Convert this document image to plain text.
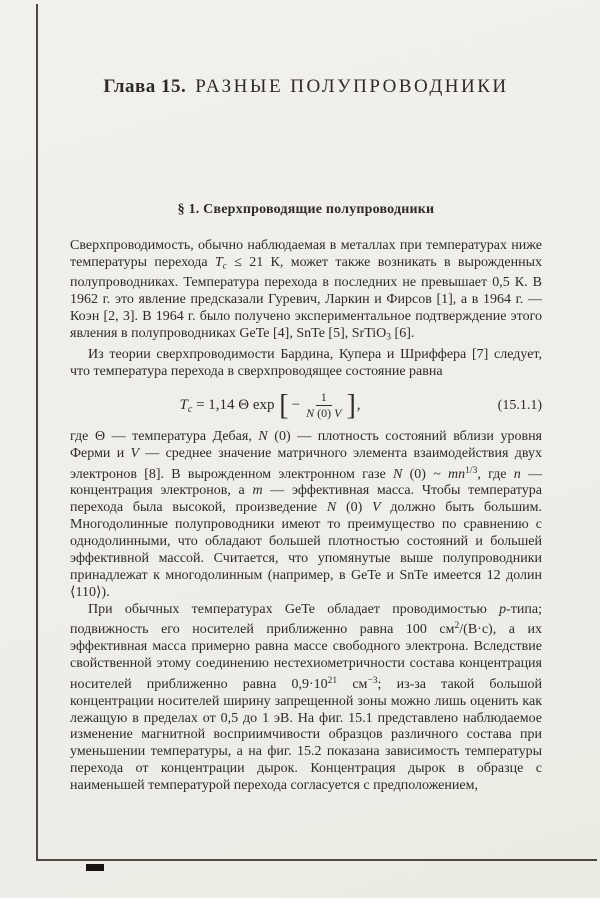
Глава 15. РАЗНЫЕ ПОЛУПРОВОДНИКИ
§ 1. Сверхпроводящие полупроводники

Сверхпроводимость, обычно наблюдаемая в металлах при температурах ниже температуры перехода Tc ≤ 21 К, может также возникать в вырожденных полупроводниках. Температура перехода в последних не превышает 0,5 К. В 1962 г. это явление предсказали Гуревич, Ларкин и Фирсов [1], а в 1964 г. — Коэн [2, 3]. В 1964 г. было получено экспериментальное подтверждение этого явления в полупроводниках GeTe [4], SnTe [5], SrTiO3 [6].

Из теории сверхпроводимости Бардина, Купера и Шриффера [7] следует, что температура перехода в сверхпроводящее состояние равна

Tc = 1,14 Θ exp [ − $\frac{1}{N (0) V}$ ] ,	(15.1.1)

где Θ — температура Дебая, N (0) — плотность состояний вблизи уровня Ферми и V — среднее значение матричного элемента взаимодействия двух электронов [8]. В вырожденном электронном газе N (0) ~ $mn^{1/3}$, где n — концентрация электронов, а m — эффективная масса. Чтобы температура перехода была высокой, произведение N (0) V должно быть большим. Многодолинные полупроводники имеют то преимущество по сравнению с однодолинными, что обладают большей плотностью состояний и большей эффективной массой. Считается, что упомянутые выше полупроводники принадлежат к многодолинным (например, в GeTe и SnTe имеется 12 долин ⟨110⟩).

При обычных температурах GeTe обладает проводимостью p-типа; подвижность его носителей приближенно равна 100 $см^2/(В\cdot с)$, а их эффективная масса примерно равна массе свободного электрона. Вследствие свойственной этому соединению нестехиометричности состава концентрация носителей приближенно равна $0,9\cdot 10^{21}$ $см^{-3}$; из-за такой большой концентрации носителей ширину запрещенной зоны можно лишь оценить как лежащую в пределах от 0,5 до 1 эВ. На фиг. 15.1 представлено наблюдаемое изменение магнитной восприимчивости образцов различного состава при уменьшении температуры, а на фиг. 15.2 показана зависимость температуры перехода от концентрации дырок. Концентрация дырок в образце с наименьшей температурой перехода согласуется с предположением,
